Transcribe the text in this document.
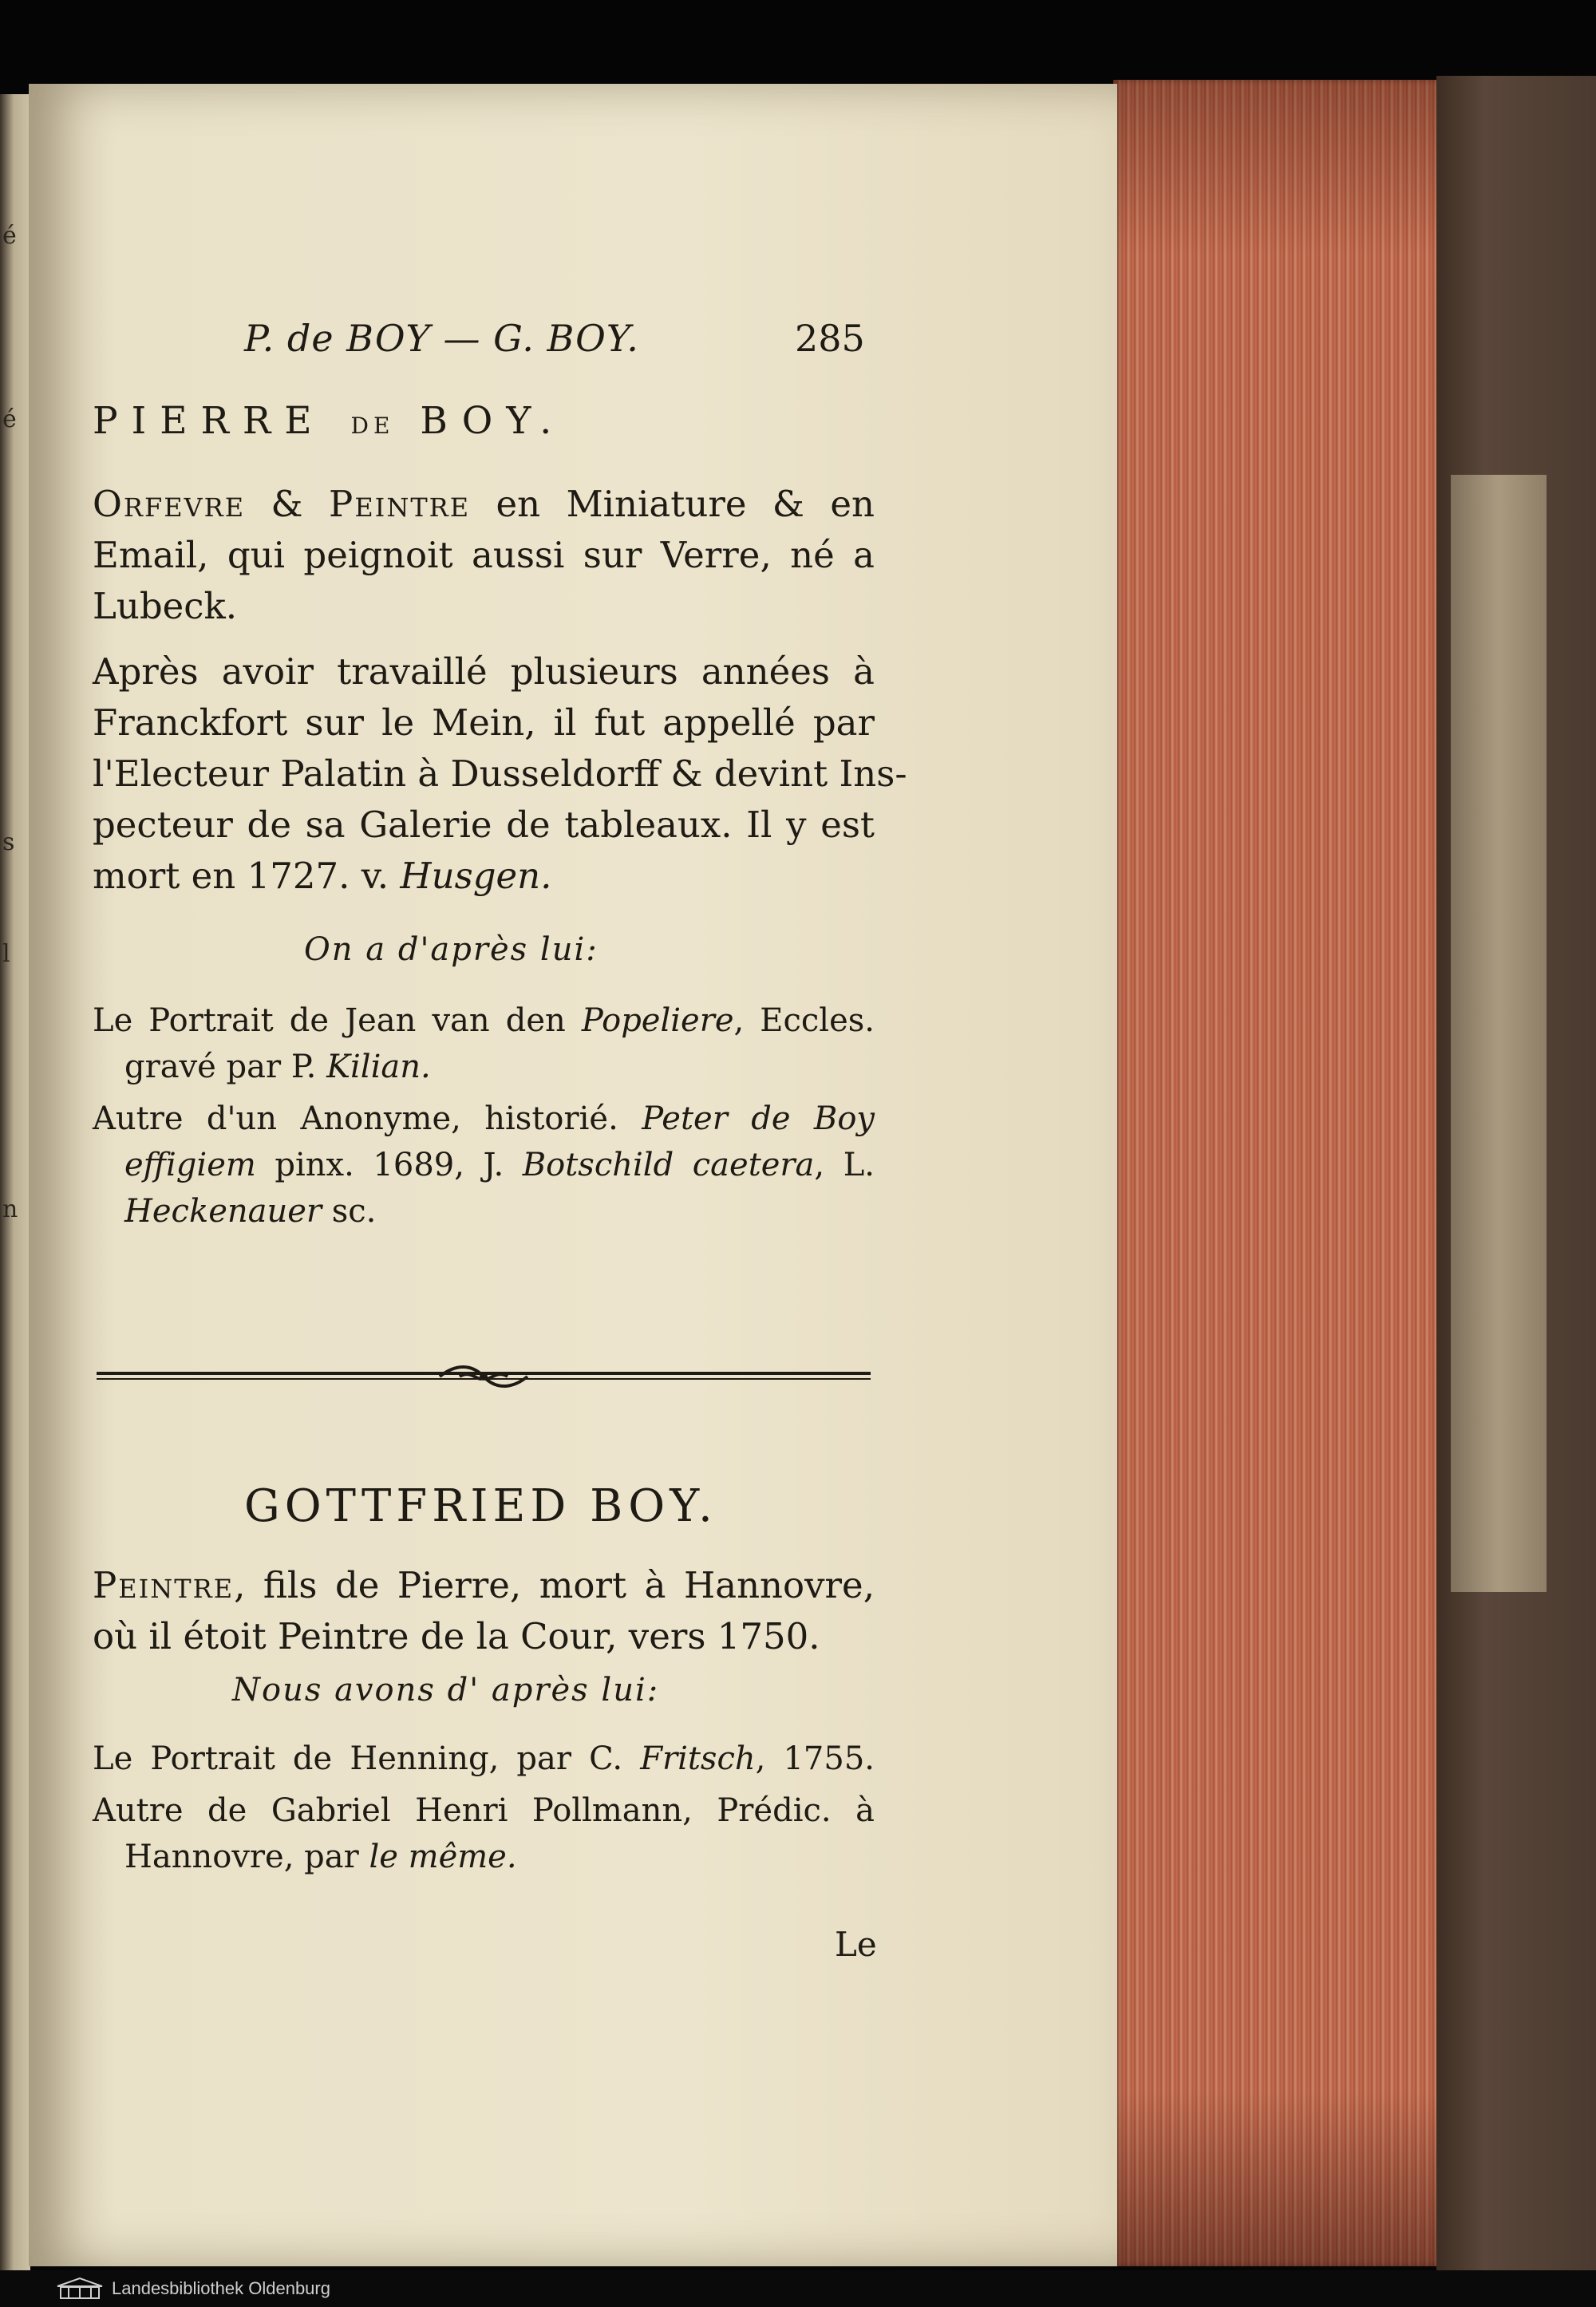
é
é
s
l
n
P. de BOY — G. BOY.	285
PIERRE DE BOY.
Orfevre & Peintre en Miniature & en
Email, qui peignoit aussi sur Verre, né a
Lubeck.
Après avoir travaillé plusieurs années à
Franckfort sur le Mein, il fut appellé par
l'Electeur Palatin à Dusseldorff & devint Ins-
pecteur de sa Galerie de tableaux. Il y est
mort en 1727. v. Husgen.
On a d'après lui:
Le Portrait de Jean van den Popeliere, Eccles.
gravé par P. Kilian.
Autre d'un Anonyme, historié. Peter de Boy
effigiem pinx. 1689, J. Botschild caetera, L.
Heckenauer sc.
GOTTFRIED BOY.
Peintre, fils de Pierre, mort à Hannovre,
où il étoit Peintre de la Cour, vers 1750.
Nous avons d' après lui:
Le Portrait de Henning, par C. Fritsch, 1755.
Autre de Gabriel Henri Pollmann, Prédic. à
Hannovre, par le même.
Le
Landesbibliothek Oldenburg
